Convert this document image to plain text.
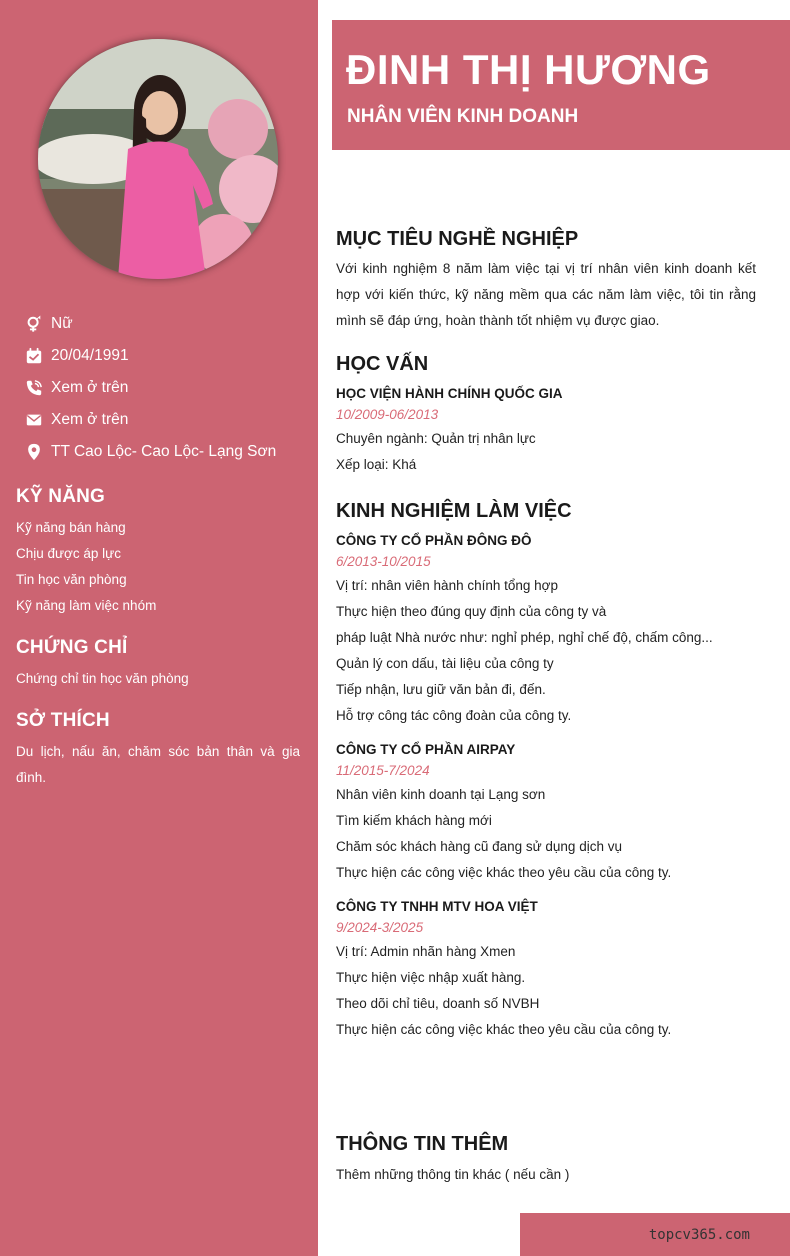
Nữ
20/04/1991
Xem ở trên
Xem ở trên
TT Cao Lộc- Cao Lộc- Lạng Sơn
KỸ NĂNG
Kỹ năng bán hàng
Chịu được áp lực
Tin học văn phòng
Kỹ năng làm việc nhóm
CHỨNG CHỈ
Chứng chỉ tin học văn phòng
SỞ THÍCH
Du lịch, nấu ăn, chăm sóc bản thân và gia đình.
ĐINH THỊ HƯƠNG
NHÂN VIÊN KINH DOANH
MỤC TIÊU NGHỀ NGHIỆP
Với kinh nghiệm 8 năm làm việc tại vị trí nhân viên kinh doanh kết hợp với kiến thức, kỹ năng mềm qua các năm làm việc, tôi tin rằng mình sẽ đáp ứng, hoàn thành tốt nhiệm vụ được giao.
HỌC VẤN
HỌC VIỆN HÀNH CHÍNH QUỐC GIA
10/2009-06/2013
Chuyên ngành: Quản trị nhân lực
Xếp loại: Khá
KINH NGHIỆM LÀM VIỆC
CÔNG TY CỔ PHẦN ĐÔNG ĐÔ
6/2013-10/2015
Vị trí: nhân viên hành chính tổng hợp
Thực hiện theo đúng quy định của công ty và
pháp luật Nhà nước như: nghỉ phép, nghỉ chế độ, chấm công...
Quản lý con dấu, tài liệu của công ty
Tiếp nhận, lưu giữ văn bản đi, đến.
Hỗ trợ công tác công đoàn của công ty.
CÔNG TY CỔ PHẦN AIRPAY
11/2015-7/2024
Nhân viên kinh doanh tại Lạng sơn
Tìm kiếm khách hàng mới
Chăm sóc khách hàng cũ đang sử dụng dịch vụ
Thực hiện các công việc khác theo yêu cầu của công ty.
CÔNG TY TNHH MTV HOA VIỆT
9/2024-3/2025
Vị trí: Admin nhãn hàng Xmen
Thực hiện việc nhập xuất hàng.
Theo dõi chỉ tiêu, doanh số NVBH
Thực hiện các công việc khác theo yêu cầu của công ty.
THÔNG TIN THÊM
Thêm những thông tin khác ( nếu cần )
topcv365.com
